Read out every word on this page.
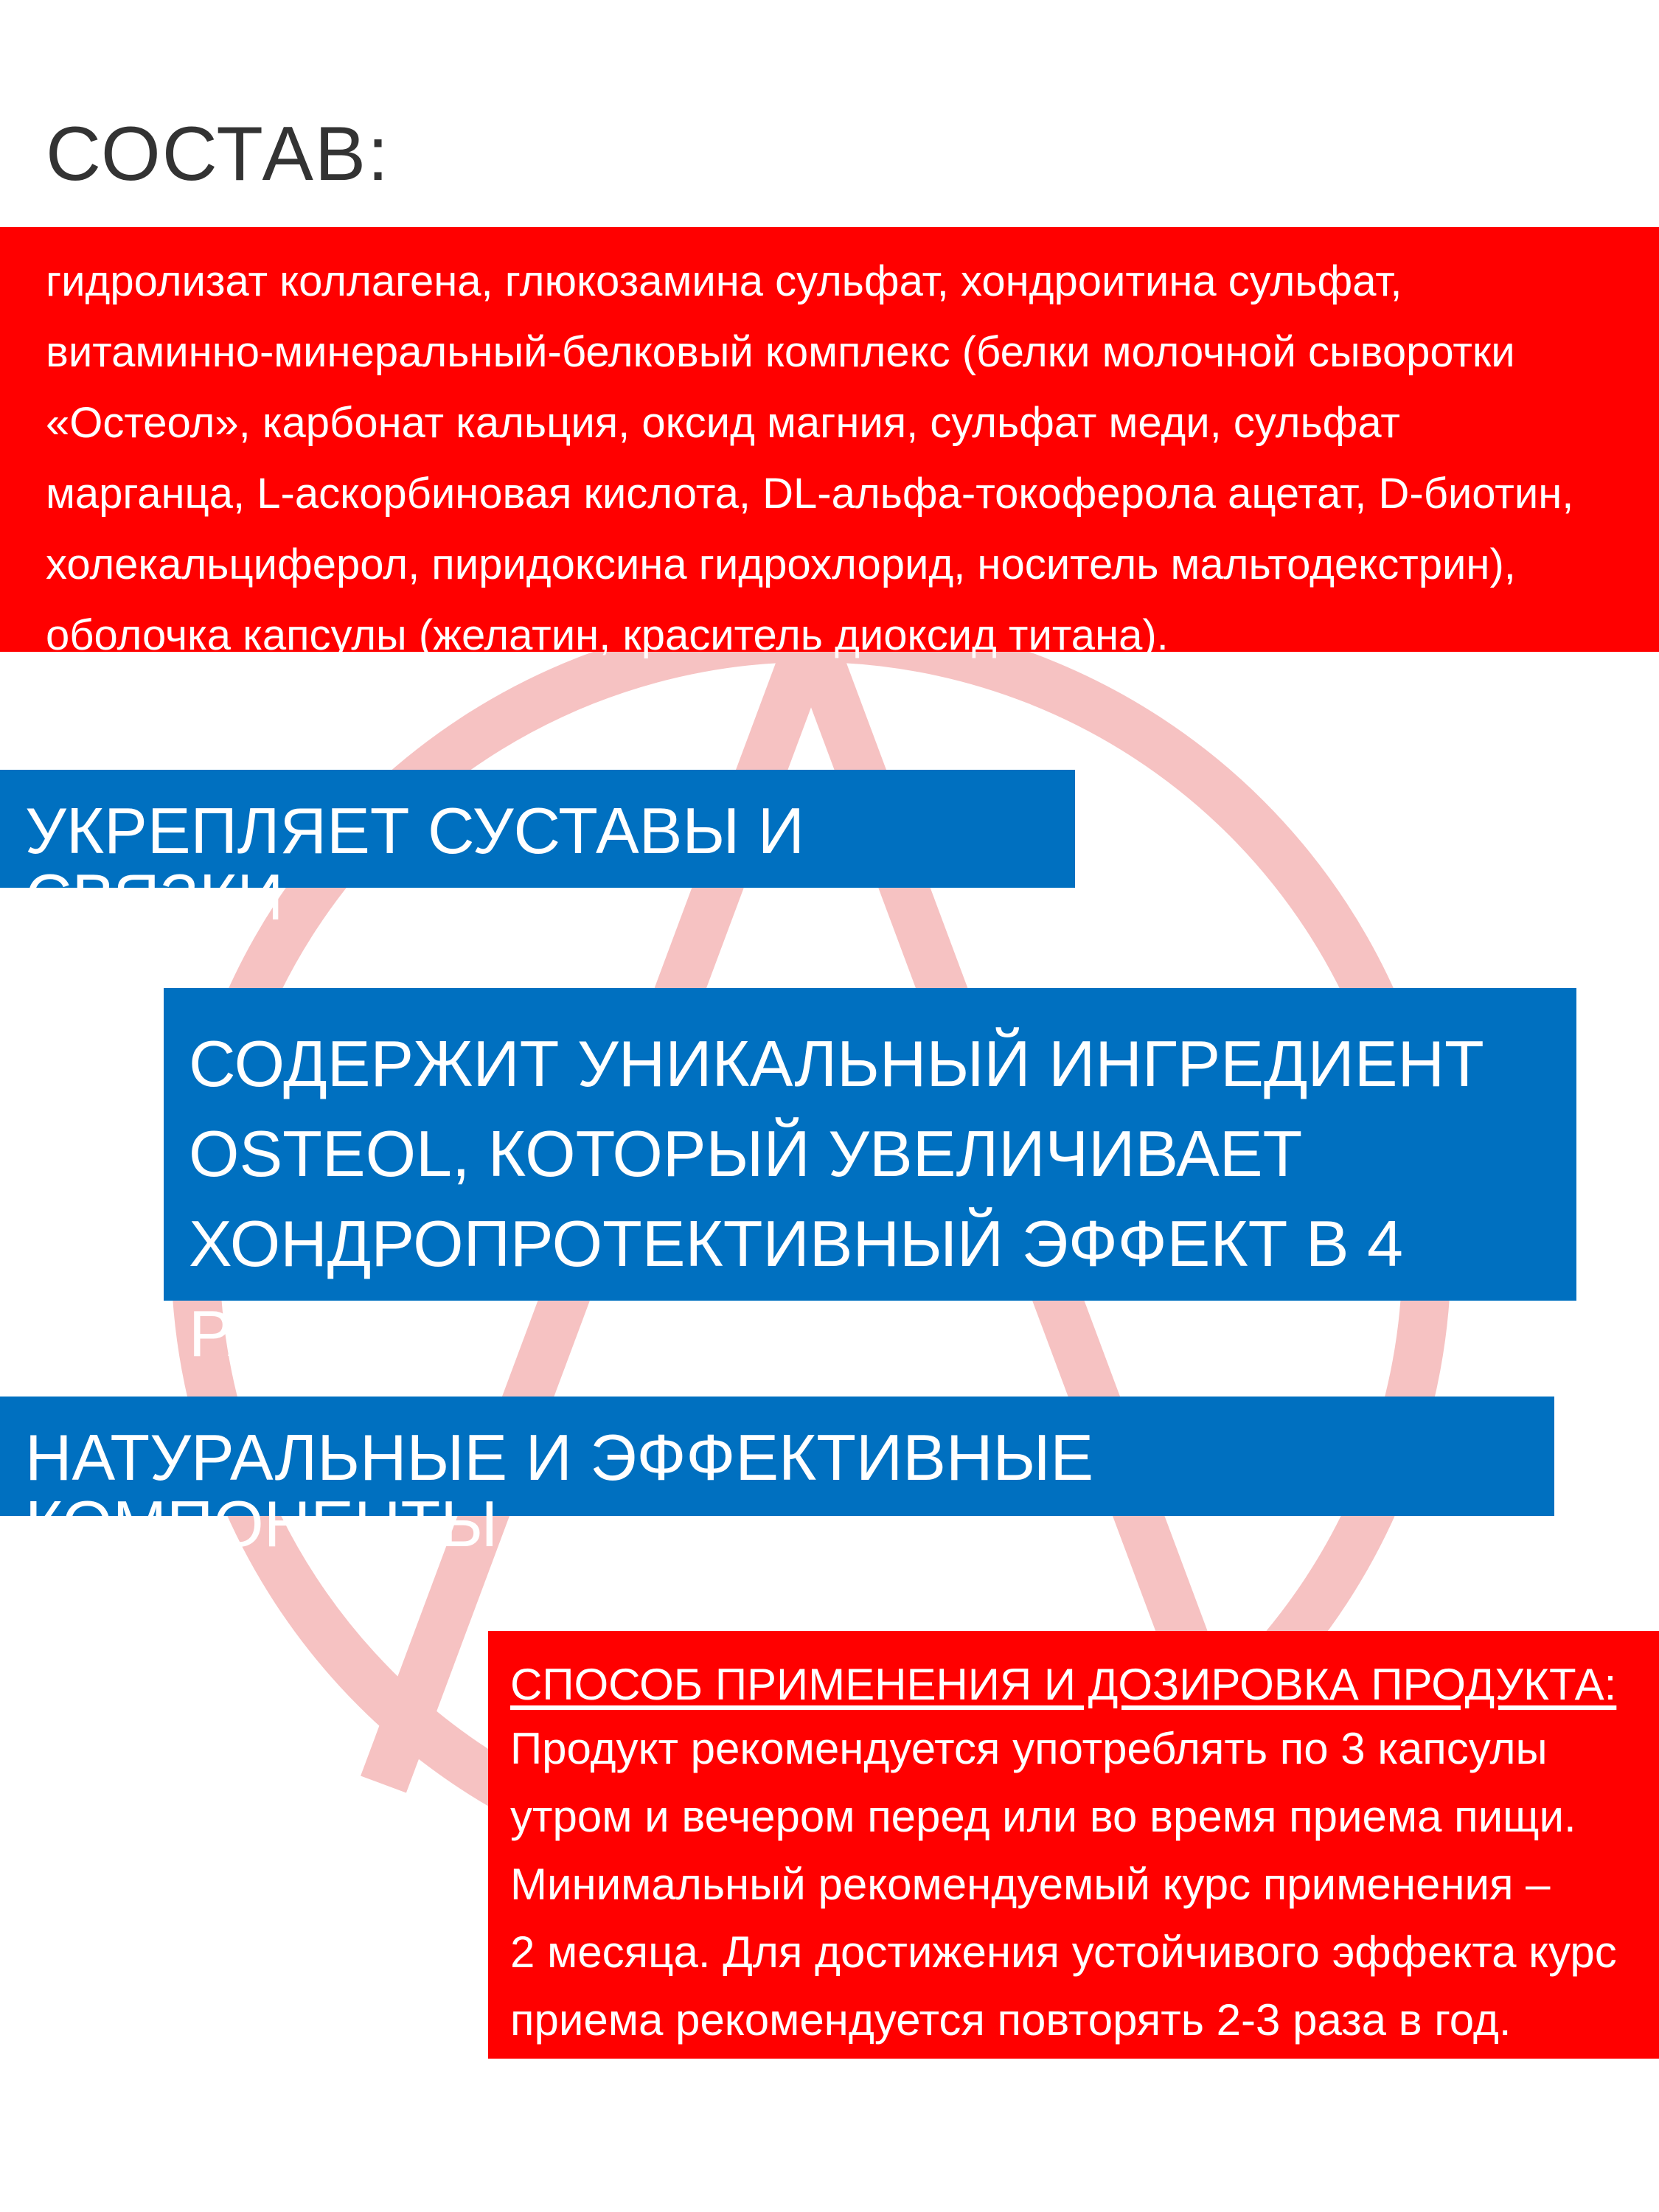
СОСТАВ:

гидролизат коллагена, глюкозамина сульфат, хондроитина сульфат,
витаминно-минеральный-белковый комплекс (белки молочной сыворотки
«Остеол», карбонат кальция, оксид магния, сульфат меди, сульфат
марганца, L-аскорбиновая кислота, DL-альфа-токоферола ацетат, D-биотин,
холекальциферол, пиридоксина гидрохлорид, носитель мальтодекстрин),
оболочка капсулы (желатин, краситель диоксид титана).

УКРЕПЛЯЕТ СУСТАВЫ И СВЯЗКИ
СОДЕРЖИТ УНИКАЛЬНЫЙ ИНГРЕДИЕНТ
OSTEOL, КОТОРЫЙ УВЕЛИЧИВАЕТ
ХОНДРОПРОТЕКТИВНЫЙ ЭФФЕКТ В 4 РАЗА
НАТУРАЛЬНЫЕ И ЭФФЕКТИВНЫЕ КОМПОНЕНТЫ
СПОСОБ ПРИМЕНЕНИЯ И ДОЗИРОВКА ПРОДУКТА:

Продукт рекомендуется употреблять по 3 капсулы
утром и вечером перед или во время приема пищи.
Минимальный рекомендуемый курс применения –
2 месяца. Для достижения устойчивого эффекта курс
приема рекомендуется повторять 2-3 раза в год.
